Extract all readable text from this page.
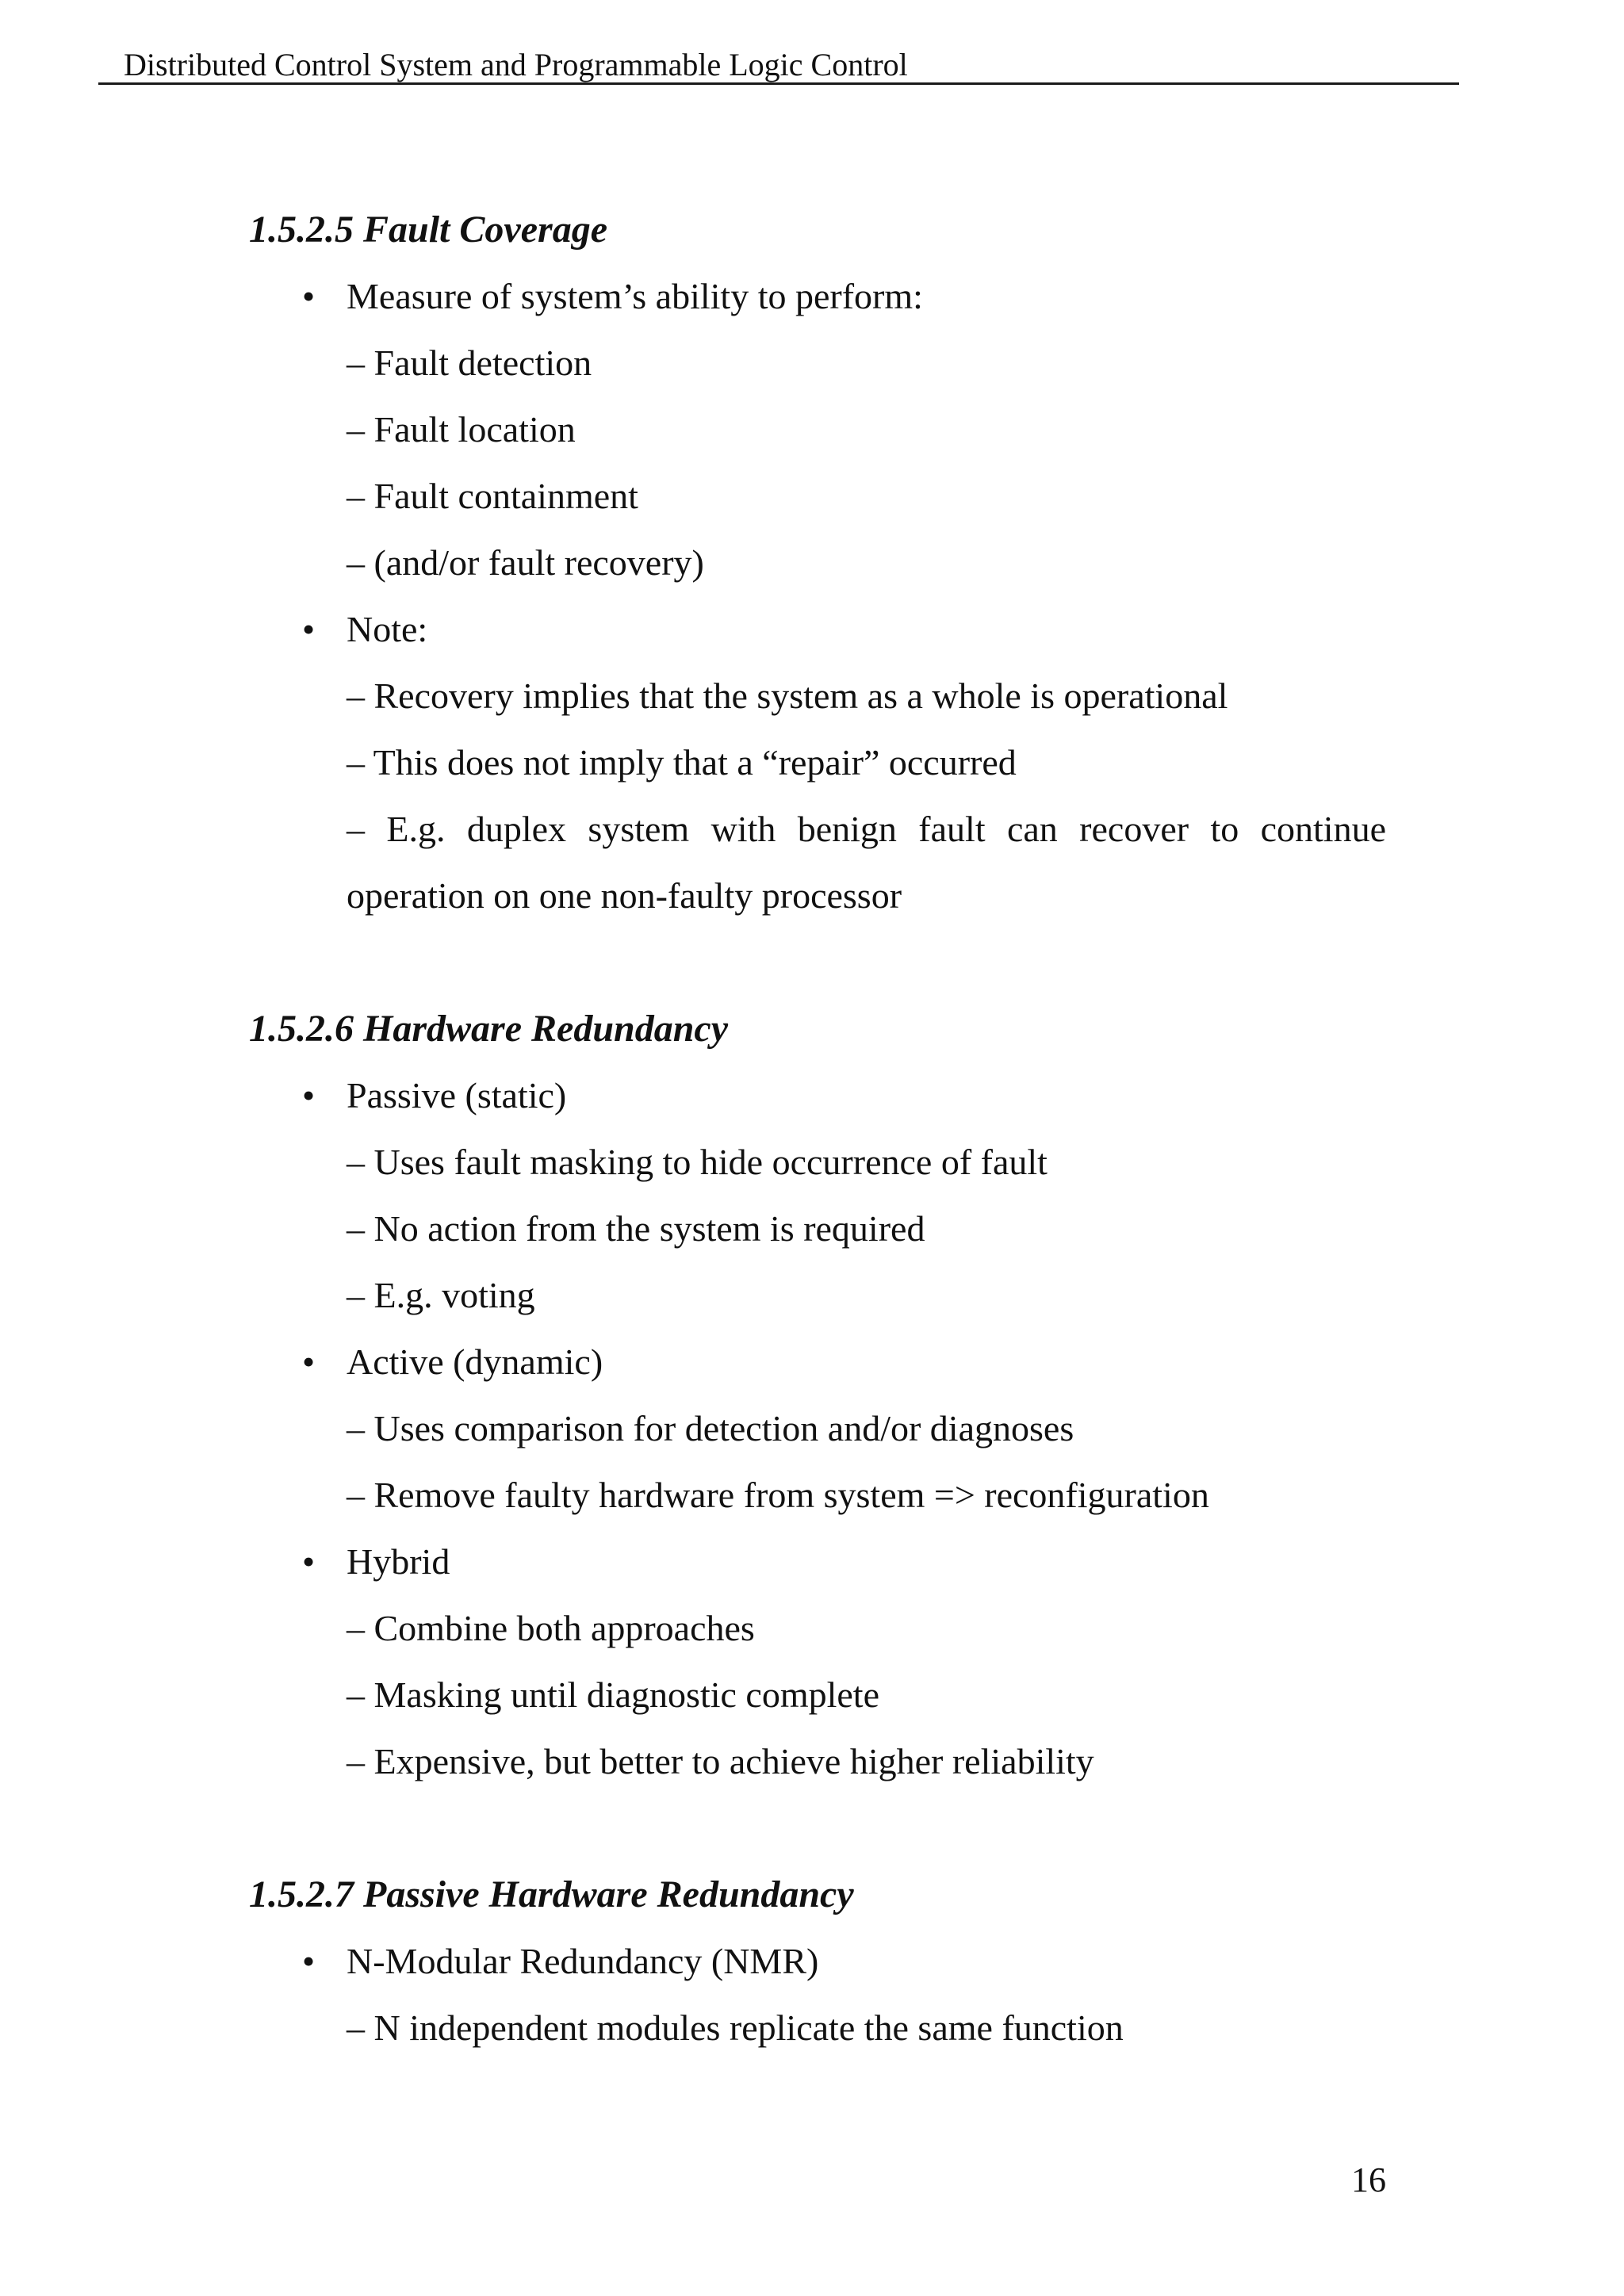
Distributed Control System and Programmable Logic Control
1.5.2.5 Fault Coverage
• Measure of system’s ability to perform:
– Fault detection
– Fault location
– Fault containment
– (and/or fault recovery)
• Note:
– Recovery implies that the system as a whole is operational
– This does not imply that a “repair” occurred
– E.g. duplex system with benign fault can recover to continue operation on one non-faulty processor
1.5.2.6 Hardware Redundancy
• Passive (static)
– Uses fault masking to hide occurrence of fault
– No action from the system is required
– E.g. voting
• Active (dynamic)
– Uses comparison for detection and/or diagnoses
– Remove faulty hardware from system => reconfiguration
• Hybrid
– Combine both approaches
– Masking until diagnostic complete
– Expensive, but better to achieve higher reliability
1.5.2.7 Passive Hardware Redundancy
• N-Modular Redundancy (NMR)
– N independent modules replicate the same function
16
